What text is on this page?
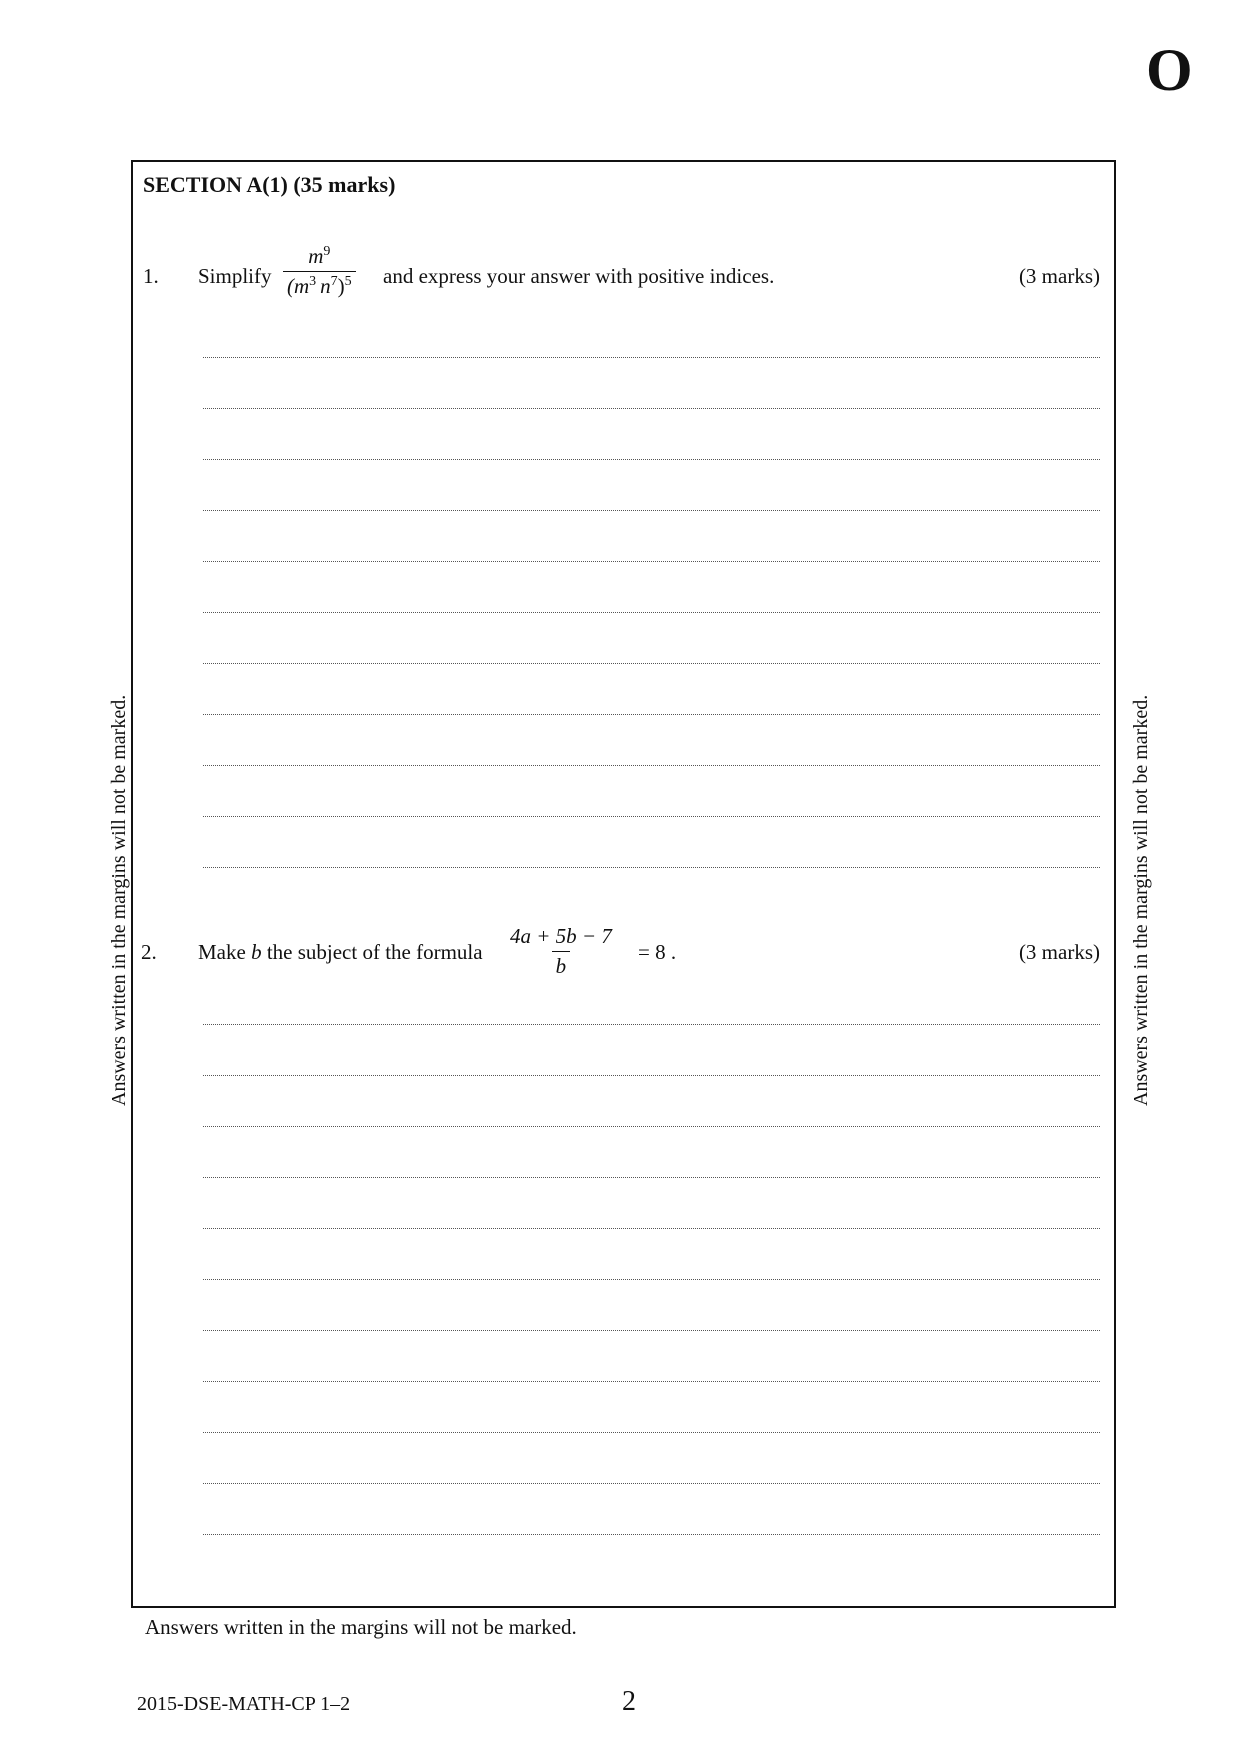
O
Answers written in the margins will not be marked.	Answers written in the margins will not be marked.
SECTION A(1) (35 marks)
1. Simplify $\frac{m^9}{(m^3 n^7)^5}$ and express your answer with positive indices.	(3 marks)
2. Make b the subject of the formula $\frac{4a + 5b - 7}{b} = 8$ .	(3 marks)
Answers written in the margins will not be marked.
2015-DSE-MATH-CP 1–2	2
